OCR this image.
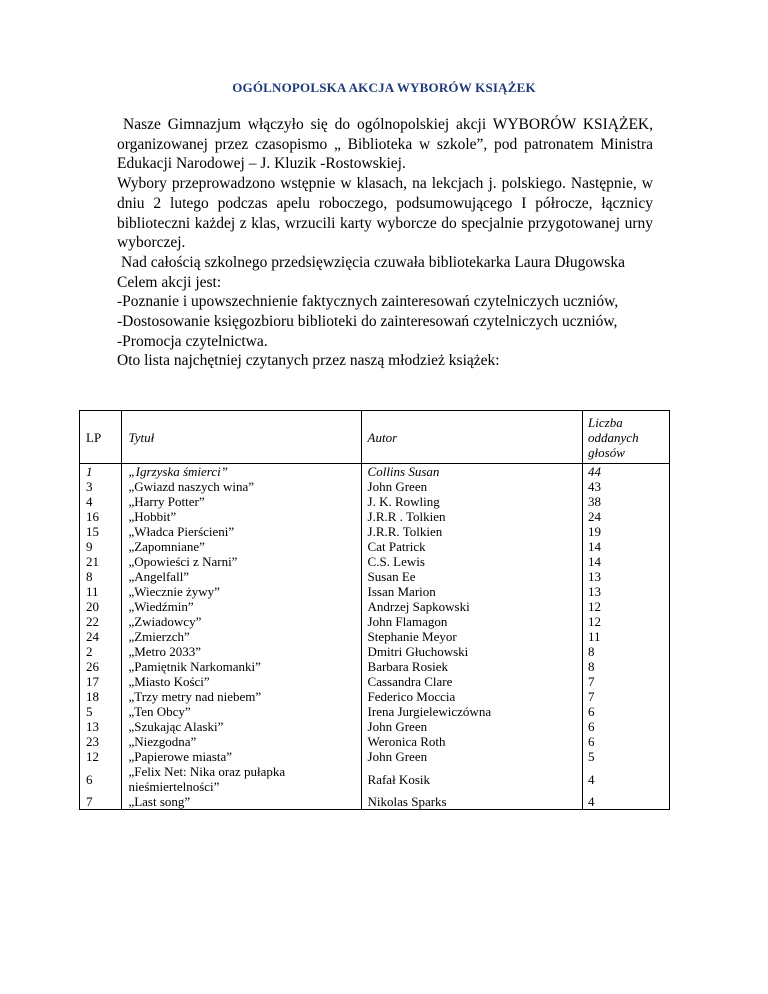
OGÓLNOPOLSKA AKCJA WYBORÓW KSIĄŻEK

Nasze Gimnazjum włączyło się do ogólnopolskiej akcji WYBORÓW KSIĄŻEK, organizowanej przez czasopismo „ Biblioteka w szkole”, pod patronatem Ministra Edukacji Narodowej – J. Kluzik -Rostowskiej.

Wybory przeprowadzono wstępnie w klasach, na lekcjach j. polskiego. Następnie, w dniu 2 lutego podczas apelu roboczego, podsumowującego I półrocze, łącznicy biblioteczni każdej z klas, wrzucili karty wyborcze do specjalnie przygotowanej urny wyborczej.

Nad całością szkolnego przedsięwzięcia czuwała bibliotekarka Laura Długowska

Celem akcji jest:

-Poznanie i upowszechnienie faktycznych zainteresowań czytelniczych uczniów,

-Dostosowanie księgozbioru biblioteki do zainteresowań czytelniczych uczniów,

-Promocja czytelnictwa.

Oto lista najchętniej czytanych przez naszą młodzież książek:

LP	Tytuł	Autor	Liczba oddanych głosów
1	„Igrzyska śmierci”	Collins Susan	44
3	„Gwiazd naszych wina”	John Green	43
4	„Harry Potter”	J. K. Rowling	38
16	„Hobbit”	J.R.R . Tolkien	24
15	„Władca Pierścieni”	J.R.R. Tolkien	19
9	„Zapomniane”	Cat Patrick	14
21	„Opowieści z Narni”	C.S. Lewis	14
8	„Angelfall”	Susan Ee	13
11	„Wiecznie żywy”	Issan Marion	13
20	„Wiedźmin”	Andrzej Sapkowski	12
22	„Zwiadowcy”	John Flamagon	12
24	„Zmierzch”	Stephanie Meyor	11
2	„Metro 2033”	Dmitri Głuchowski	8
26	„Pamiętnik Narkomanki”	Barbara Rosiek	8
17	„Miasto Kości”	Cassandra Clare	7
18	„Trzy metry nad niebem”	Federico Moccia	7
5	„Ten Obcy”	Irena Jurgielewiczówna	6
13	„Szukając Alaski”	John Green	6
23	„Niezgodna”	Weronica Roth	6
12	„Papierowe miasta”	John Green	5
6	„Felix Net: Nika oraz pułapka nieśmiertelności”	Rafał Kosik	4
7	„Last song”	Nikolas Sparks	4
